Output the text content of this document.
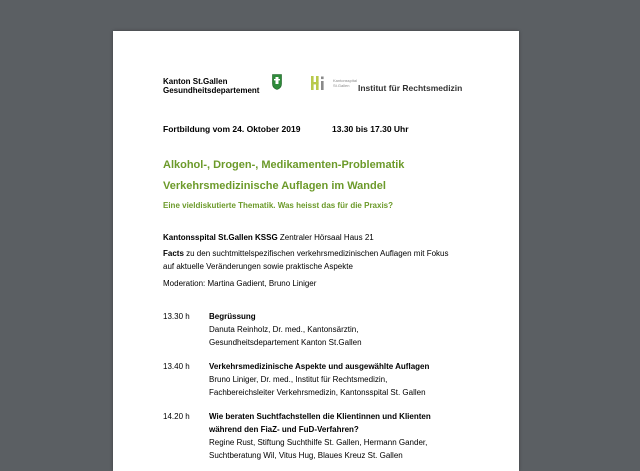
Kanton St.Gallen
Gesundheitsdepartement
Kantonsspital
St.Gallen	Institut für Rechtsmedizin
Fortbildung vom 24. Oktober 2019	13.30 bis 17.30 Uhr
Alkohol-, Drogen-, Medikamenten-Problematik
Verkehrsmedizinische Auflagen im Wandel
Eine vieldiskutierte Thematik. Was heisst das für die Praxis?
Kantonsspital St.Gallen KSSG Zentraler Hörsaal Haus 21
Facts zu den suchtmittelspezifischen verkehrsmedizinischen Auflagen mit Fokus
auf aktuelle Veränderungen sowie praktische Aspekte
Moderation: Martina Gadient, Bruno Liniger
13.30 h Begrüssung
Danuta Reinholz, Dr. med., Kantonsärztin,
Gesundheitsdepartement Kanton St.Gallen
13.40 h Verkehrsmedizinische Aspekte und ausgewählte Auflagen
Bruno Liniger, Dr. med., Institut für Rechtsmedizin,
Fachbereichsleiter Verkehrsmedizin, Kantonsspital St. Gallen
14.20 h Wie beraten Suchtfachstellen die Klientinnen und Klienten
während den FiaZ- und FuD-Verfahren?
Regine Rust, Stiftung Suchthilfe St. Gallen, Hermann Gander,
Suchtberatung Wil, Vitus Hug, Blaues Kreuz St. Gallen
